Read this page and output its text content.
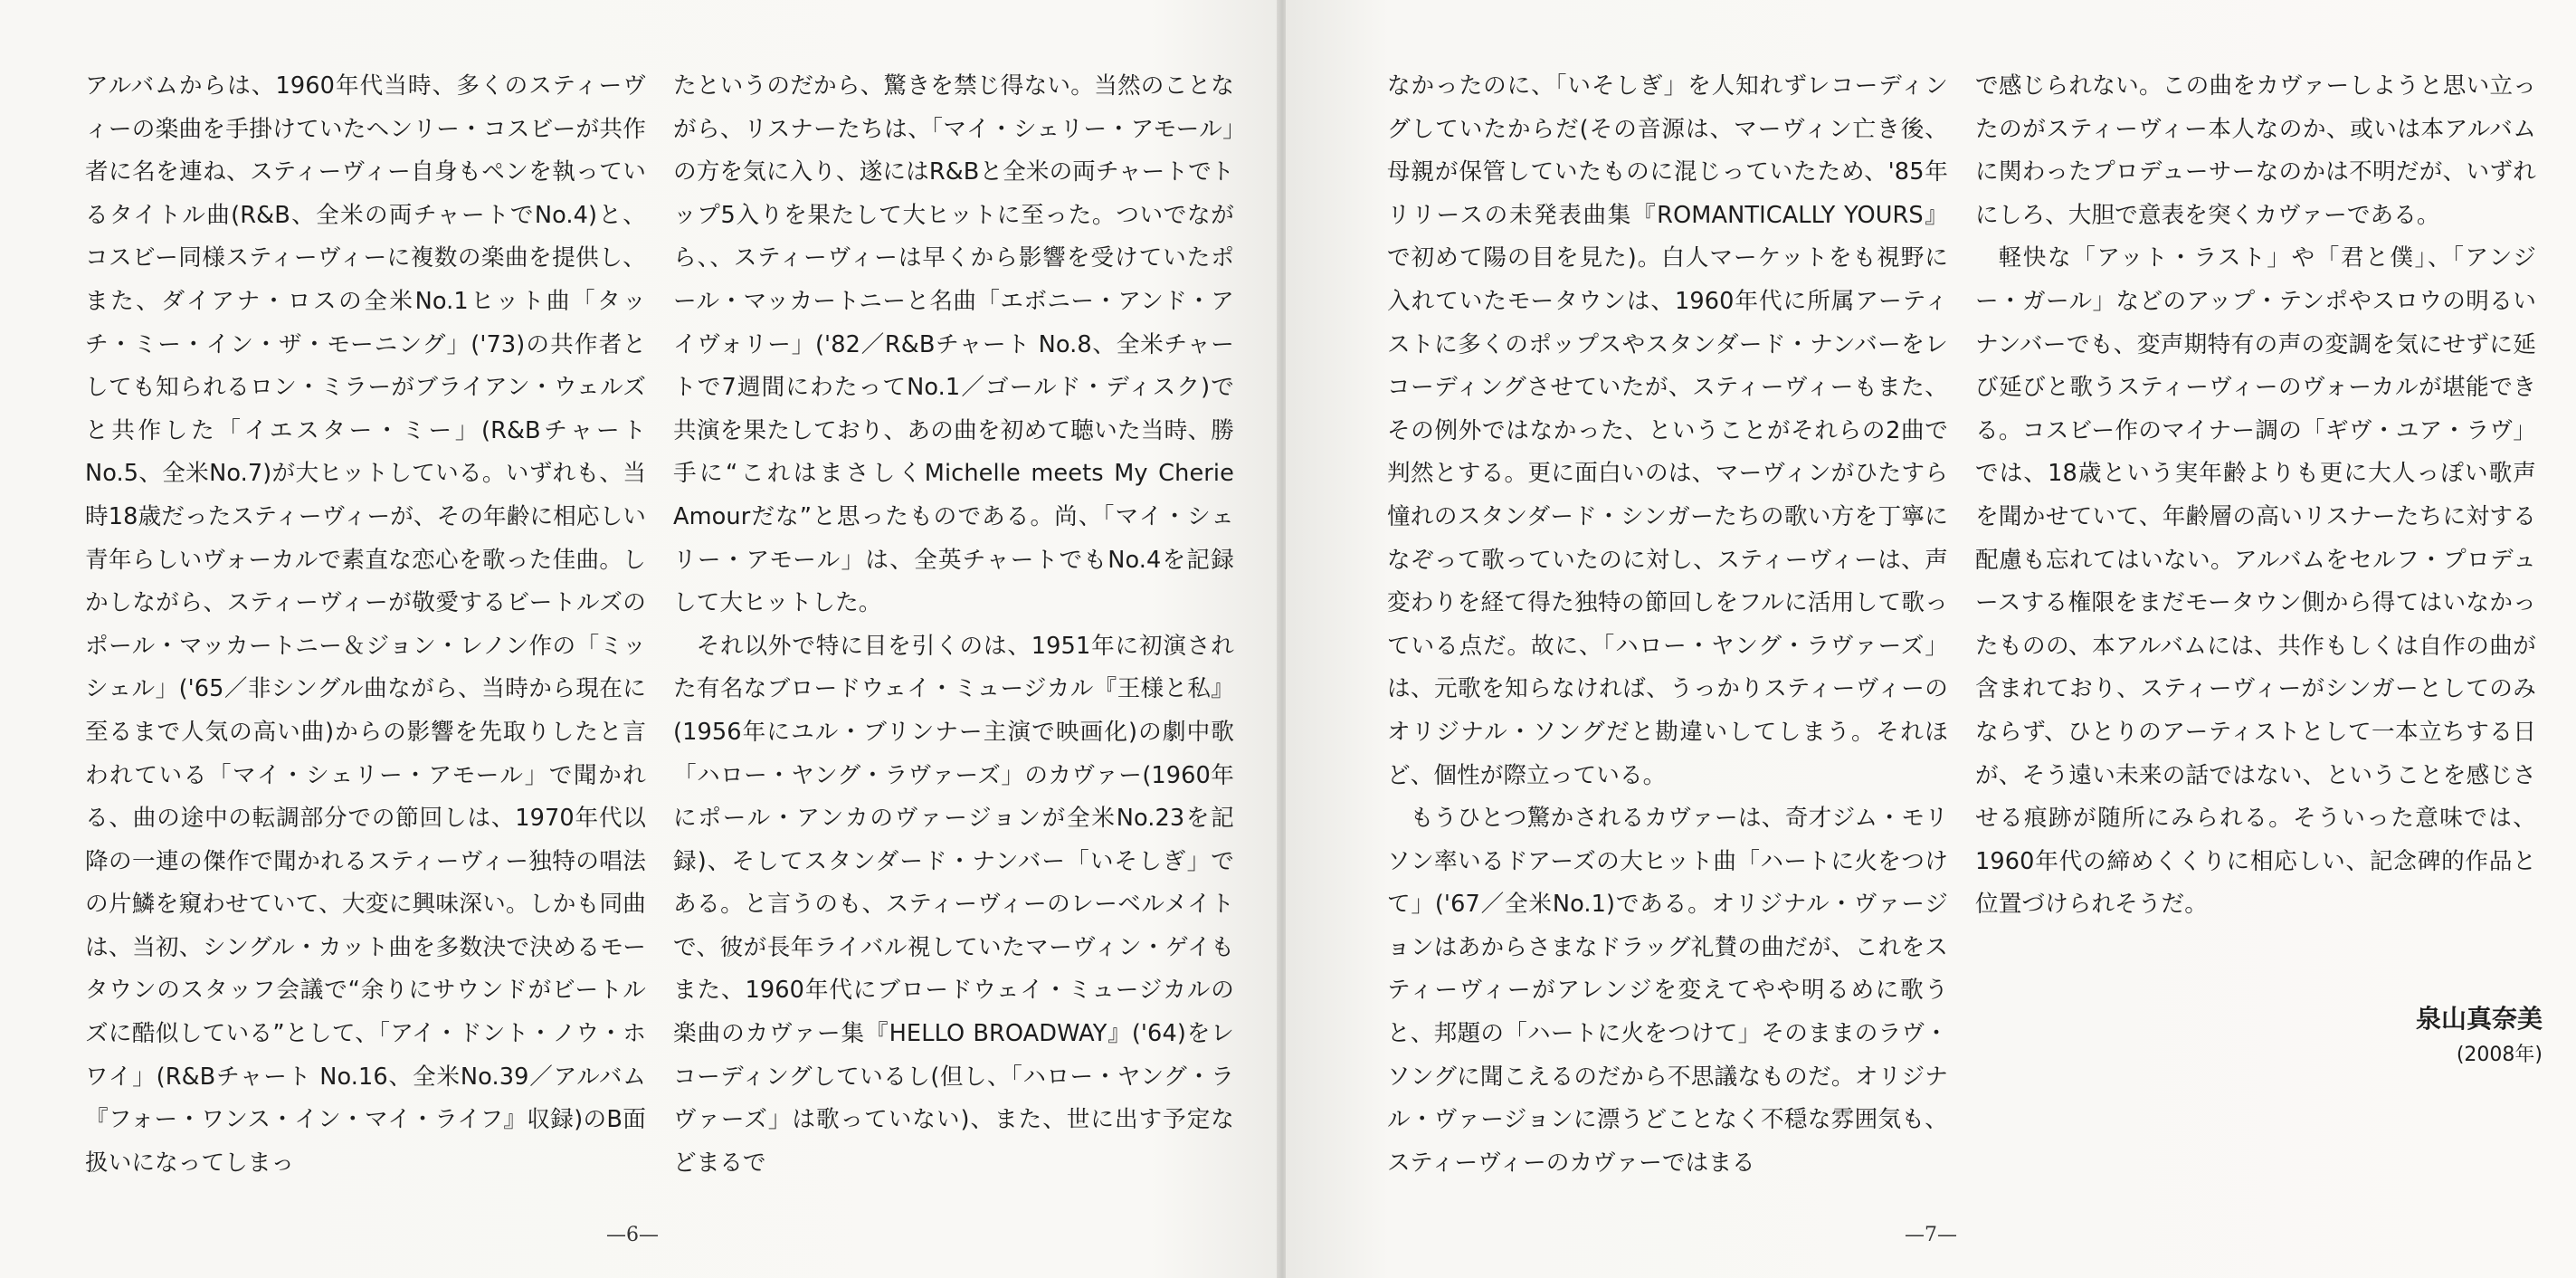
アルバムからは、1960年代当時、多くのスティーヴィーの楽曲を手掛けていたヘンリー・コスビーが共作者に名を連ね、スティーヴィー自身もペンを執っているタイトル曲(R&B、全米の両チャートでNo.4)と、コスビー同様スティーヴィーに複数の楽曲を提供し、また、ダイアナ・ロスの全米No.1ヒット曲「タッチ・ミー・イン・ザ・モーニング」('73)の共作者としても知られるロン・ミラーがブライアン・ウェルズと共作した「イエスター・ミー」(R&Bチャート No.5、全米No.7)が大ヒットしている。いずれも、当時18歳だったスティーヴィーが、その年齢に相応しい青年らしいヴォーカルで素直な恋心を歌った佳曲。しかしながら、スティーヴィーが敬愛するビートルズのポール・マッカートニー＆ジョン・レノン作の「ミッシェル」('65／非シングル曲ながら、当時から現在に至るまで人気の高い曲)からの影響を先取りしたと言われている「マイ・シェリー・アモール」で聞かれる、曲の途中の転調部分での節回しは、1970年代以降の一連の傑作で聞かれるスティーヴィー独特の唱法の片鱗を窺わせていて、大変に興味深い。しかも同曲は、当初、シングル・カット曲を多数決で決めるモータウンのスタッフ会議で“余りにサウンドがビートルズに酷似している”として、「アイ・ドント・ノウ・ホワイ」(R&Bチャート No.16、全米No.39／アルバム『フォー・ワンス・イン・マイ・ライフ』収録)のB面扱いになってしまっ

たというのだから、驚きを禁じ得ない。当然のことながら、リスナーたちは、「マイ・シェリー・アモール」の方を気に入り、遂にはR&Bと全米の両チャートでトップ5入りを果たして大ヒットに至った。ついでながら、、スティーヴィーは早くから影響を受けていたポール・マッカートニーと名曲「エボニー・アンド・アイヴォリー」('82／R&Bチャート No.8、全米チャートで7週間にわたってNo.1／ゴールド・ディスク)で共演を果たしており、あの曲を初めて聴いた当時、勝手に“これはまさしくMichelle meets My Cherie Amourだな”と思ったものである。尚、「マイ・シェリー・アモール」は、全英チャートでもNo.4を記録して大ヒットした。

それ以外で特に目を引くのは、1951年に初演された有名なブロードウェイ・ミュージカル『王様と私』(1956年にユル・ブリンナー主演で映画化)の劇中歌「ハロー・ヤング・ラヴァーズ」のカヴァー(1960年にポール・アンカのヴァージョンが全米No.23を記録)、そしてスタンダード・ナンバー「いそしぎ」である。と言うのも、スティーヴィーのレーベルメイトで、彼が長年ライバル視していたマーヴィン・ゲイもまた、1960年代にブロードウェイ・ミュージカルの楽曲のカヴァー集『HELLO BROADWAY』('64)をレコーディングしているし(但し、「ハロー・ヤング・ラヴァーズ」は歌っていない)、また、世に出す予定などまるで

—6—

なかったのに、「いそしぎ」を人知れずレコーディングしていたからだ(その音源は、マーヴィン亡き後、母親が保管していたものに混じっていたため、'85年リリースの未発表曲集『ROMANTICALLY YOURS』で初めて陽の目を見た)。白人マーケットをも視野に入れていたモータウンは、1960年代に所属アーティストに多くのポップスやスタンダード・ナンバーをレコーディングさせていたが、スティーヴィーもまた、その例外ではなかった、ということがそれらの2曲で判然とする。更に面白いのは、マーヴィンがひたすら憧れのスタンダード・シンガーたちの歌い方を丁寧になぞって歌っていたのに対し、スティーヴィーは、声変わりを経て得た独特の節回しをフルに活用して歌っている点だ。故に、「ハロー・ヤング・ラヴァーズ」は、元歌を知らなければ、うっかりスティーヴィーのオリジナル・ソングだと勘違いしてしまう。それほど、個性が際立っている。

もうひとつ驚かされるカヴァーは、奇才ジム・モリソン率いるドアーズの大ヒット曲「ハートに火をつけて」('67／全米No.1)である。オリジナル・ヴァージョンはあからさまなドラッグ礼賛の曲だが、これをスティーヴィーがアレンジを変えてやや明るめに歌うと、邦題の「ハートに火をつけて」そのままのラヴ・ソングに聞こえるのだから不思議なものだ。オリジナル・ヴァージョンに漂うどことなく不穏な雰囲気も、スティーヴィーのカヴァーではまる

で感じられない。この曲をカヴァーしようと思い立ったのがスティーヴィー本人なのか、或いは本アルバムに関わったプロデューサーなのかは不明だが、いずれにしろ、大胆で意表を突くカヴァーである。

軽快な「アット・ラスト」や「君と僕」、「アンジー・ガール」などのアップ・テンポやスロウの明るいナンバーでも、変声期特有の声の変調を気にせずに延び延びと歌うスティーヴィーのヴォーカルが堪能できる。コスビー作のマイナー調の「ギヴ・ユア・ラヴ」では、18歳という実年齢よりも更に大人っぽい歌声を聞かせていて、年齢層の高いリスナーたちに対する配慮も忘れてはいない。アルバムをセルフ・プロデュースする権限をまだモータウン側から得てはいなかったものの、本アルバムには、共作もしくは自作の曲が含まれており、スティーヴィーがシンガーとしてのみならず、ひとりのアーティストとして一本立ちする日が、そう遠い未来の話ではない、ということを感じさせる痕跡が随所にみられる。そういった意味では、1960年代の締めくくりに相応しい、記念碑的作品と位置づけられそうだ。

泉山真奈美
(2008年)
—7—
